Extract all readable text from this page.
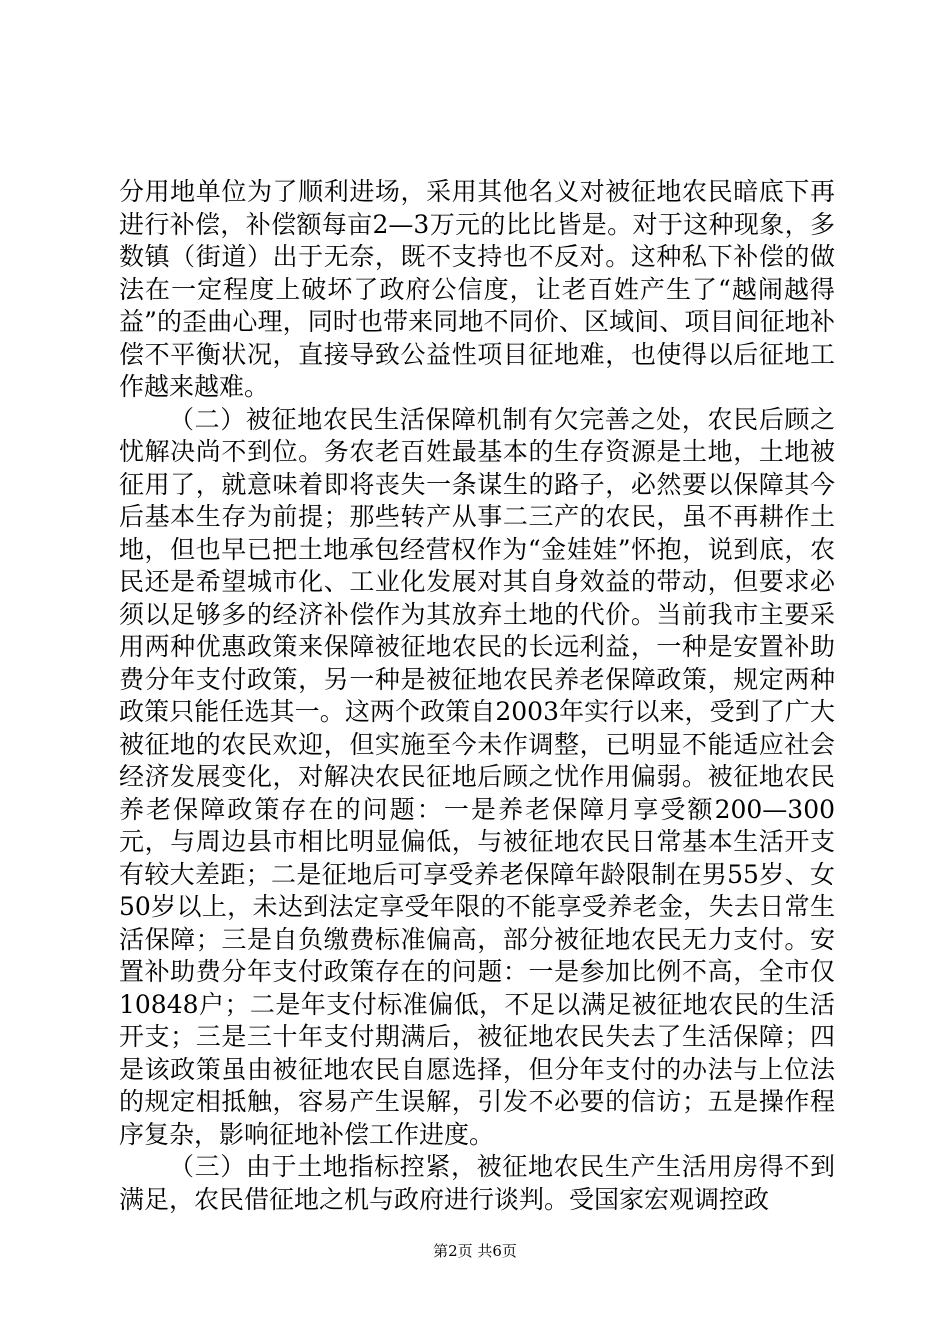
分用地单位为了顺利进场，采用其他名义对被征地农民暗底下再进行补偿，补偿额每亩2—3万元的比比皆是。对于这种现象，多数镇（街道）出于无奈，既不支持也不反对。这种私下补偿的做法在一定程度上破坏了政府公信度，让老百姓产生了“越闹越得益”的歪曲心理，同时也带来同地不同价、区域间、项目间征地补偿不平衡状况，直接导致公益性项目征地难，也使得以后征地工作越来越难。

（二）被征地农民生活保障机制有欠完善之处，农民后顾之忧解决尚不到位。务农老百姓最基本的生存资源是土地，土地被征用了，就意味着即将丧失一条谋生的路子，必然要以保障其今后基本生存为前提；那些转产从事二三产的农民，虽不再耕作土地，但也早已把土地承包经营权作为“金娃娃”怀抱，说到底，农民还是希望城市化、工业化发展对其自身效益的带动，但要求必须以足够多的经济补偿作为其放弃土地的代价。当前我市主要采用两种优惠政策来保障被征地农民的长远利益，一种是安置补助费分年支付政策，另一种是被征地农民养老保障政策，规定两种政策只能任选其一。这两个政策自2003年实行以来，受到了广大被征地的农民欢迎，但实施至今未作调整，已明显不能适应社会经济发展变化，对解决农民征地后顾之忧作用偏弱。被征地农民养老保障政策存在的问题：一是养老保障月享受额200—300元，与周边县市相比明显偏低，与被征地农民日常基本生活开支有较大差距；二是征地后可享受养老保障年龄限制在男55岁、女50岁以上，未达到法定享受年限的不能享受养老金，失去日常生活保障；三是自负缴费标准偏高，部分被征地农民无力支付。安置补助费分年支付政策存在的问题：一是参加比例不高，全市仅10848户；二是年支付标准偏低，不足以满足被征地农民的生活开支；三是三十年支付期满后，被征地农民失去了生活保障；四是该政策虽由被征地农民自愿选择，但分年支付的办法与上位法的规定相抵触，容易产生误解，引发不必要的信访；五是操作程序复杂，影响征地补偿工作进度。

（三）由于土地指标控紧，被征地农民生产生活用房得不到满足，农民借征地之机与政府进行谈判。受国家宏观调控政

第2页 共6页
